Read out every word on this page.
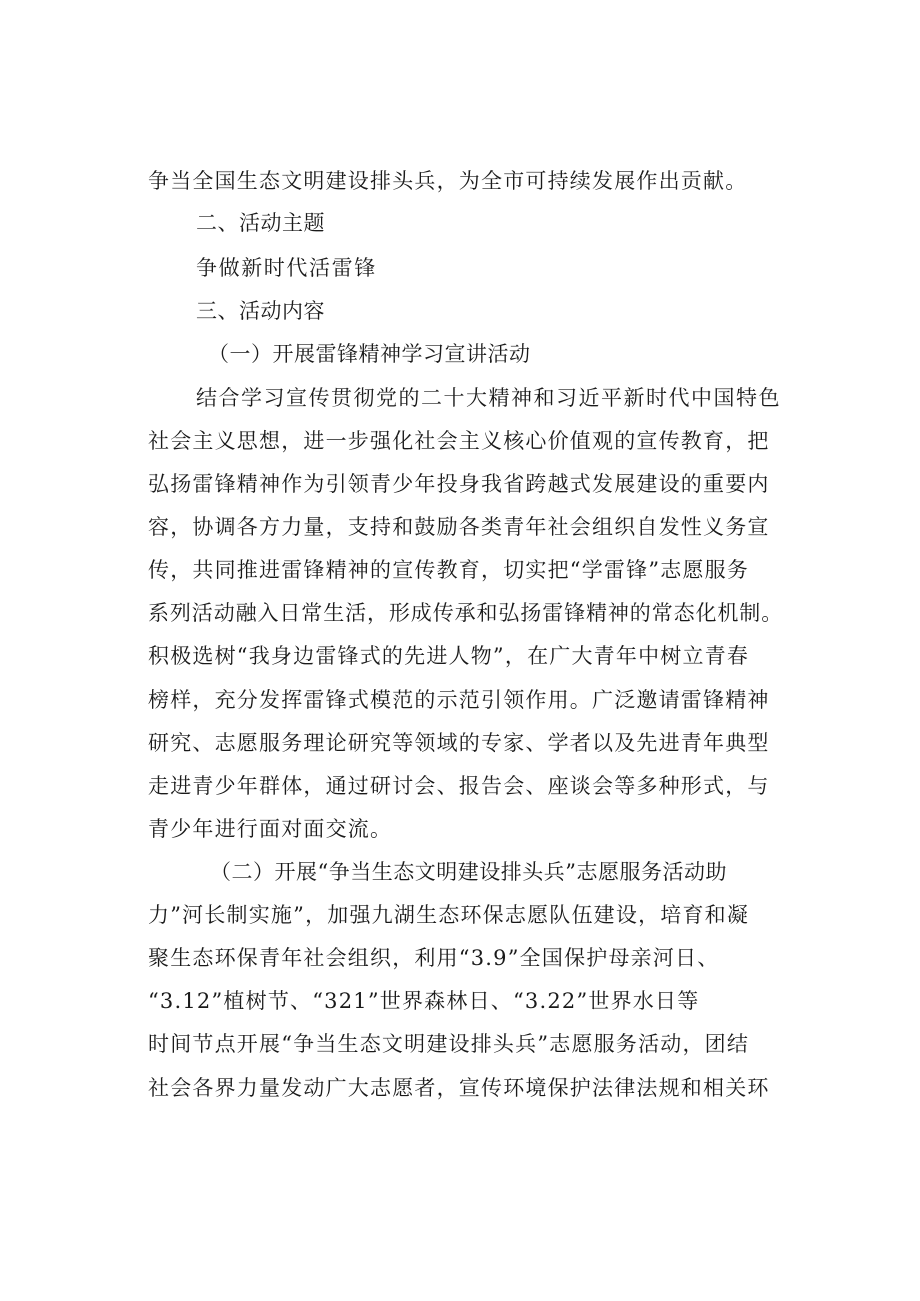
争当全国生态文明建设排头兵，为全市可持续发展作出贡献。
二、活动主题
争做新时代活雷锋
三、活动内容
（一）开展雷锋精神学习宣讲活动
结合学习宣传贯彻党的二十大精神和习近平新时代中国特色
社会主义思想，进一步强化社会主义核心价值观的宣传教育，把
弘扬雷锋精神作为引领青少年投身我省跨越式发展建设的重要内
容，协调各方力量，支持和鼓励各类青年社会组织自发性义务宣
传，共同推进雷锋精神的宣传教育，切实把“学雷锋”志愿服务
系列活动融入日常生活，形成传承和弘扬雷锋精神的常态化机制。
积极选树“我身边雷锋式的先进人物”，在广大青年中树立青春
榜样，充分发挥雷锋式模范的示范引领作用。广泛邀请雷锋精神
研究、志愿服务理论研究等领域的专家、学者以及先进青年典型
走进青少年群体，通过研讨会、报告会、座谈会等多种形式，与
青少年进行面对面交流。
（二）开展“争当生态文明建设排头兵”志愿服务活动助
力”河长制实施”，加强九湖生态环保志愿队伍建设，培育和凝
聚生态环保青年社会组织，利用“3.9”全国保护母亲河日、
“3.12”植树节、“321”世界森林日、“3.22”世界水日等
时间节点开展“争当生态文明建设排头兵”志愿服务活动，团结
社会各界力量发动广大志愿者，宣传环境保护法律法规和相关环
